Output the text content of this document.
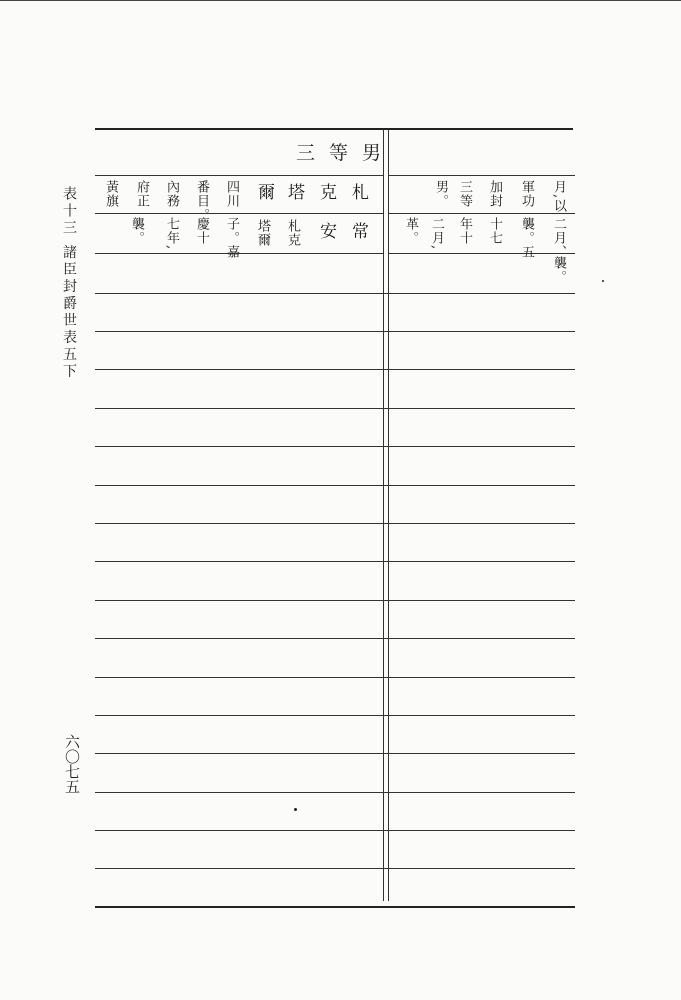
表十三 諸臣封爵世表五下
六〇七五
三等男
札
克
塔
爾
四川
番目。
內務
府正
黃旗
常
安
札克
塔爾
子。嘉
慶十
七年,
襲。
月,以
軍功
加封
三等
男。
二月、
襲。五
十七
年十
二月,
革。
襲。
